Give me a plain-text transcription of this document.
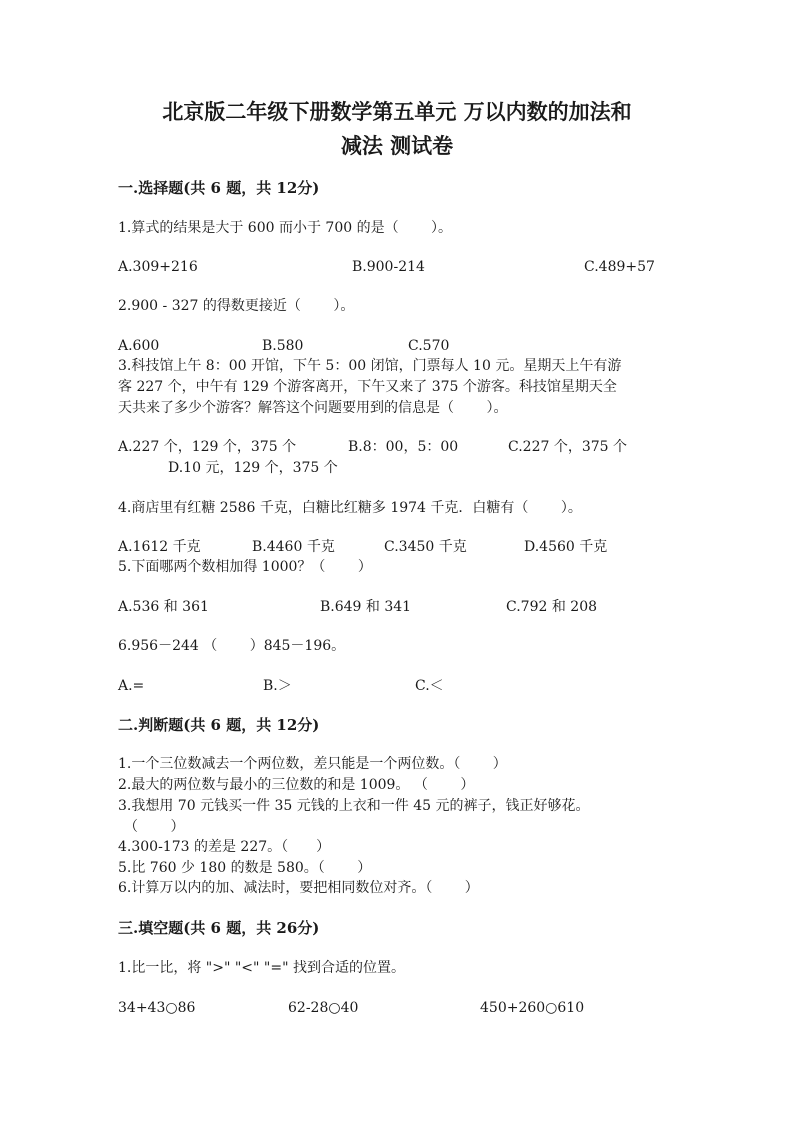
北京版二年级下册数学第五单元 万以内数的加法和
减法 测试卷
一.选择题(共 6 题，共 12分)
1.算式的结果是大于 600 而小于 700 的是（　　 ）。
A.309+216	B.900-214	C.489+57
2.900 - 327 的得数更接近（　　 ）。
A.600	B.580	C.570
3.科技馆上午 8：00 开馆，下午 5：00 闭馆，门票每人 10 元。星期天上午有游
客 227 个，中午有 129 个游客离开，下午又来了 375 个游客。科技馆星期天全
天共来了多少个游客？解答这个问题要用到的信息是（　　 ）。
A.227 个，129 个，375 个	B.8：00，5：00	C.227 个，375 个
D.10 元，129 个，375 个
4.商店里有红糖 2586 千克，白糖比红糖多 1974 千克．白糖有（　　 ）。
A.1612 千克	B.4460 千克	C.3450 千克	D.4560 千克
5.下面哪两个数相加得 1000？（　　 ）
A.536 和 361	B.649 和 341	C.792 和 208
6.956－244 （　　 ）845－196。
A.=	B.＞	C.＜
二.判断题(共 6 题，共 12分)
1.一个三位数减去一个两位数，差只能是一个两位数。（　　 ）
2.最大的两位数与最小的三位数的和是 1009。 （　　 ）
3.我想用 70 元钱买一件 35 元钱的上衣和一件 45 元的裤子，钱正好够花。
（　　 ）
4.300-173 的差是 227。（　　）
5.比 760 少 180 的数是 580。（　　 ）
6.计算万以内的加、减法时，要把相同数位对齐。（　　 ）
三.填空题(共 6 题，共 26分)
1.比一比，将 ">" "<" "=" 找到合适的位置。
34+43○86	62-28○40	450+260○610
